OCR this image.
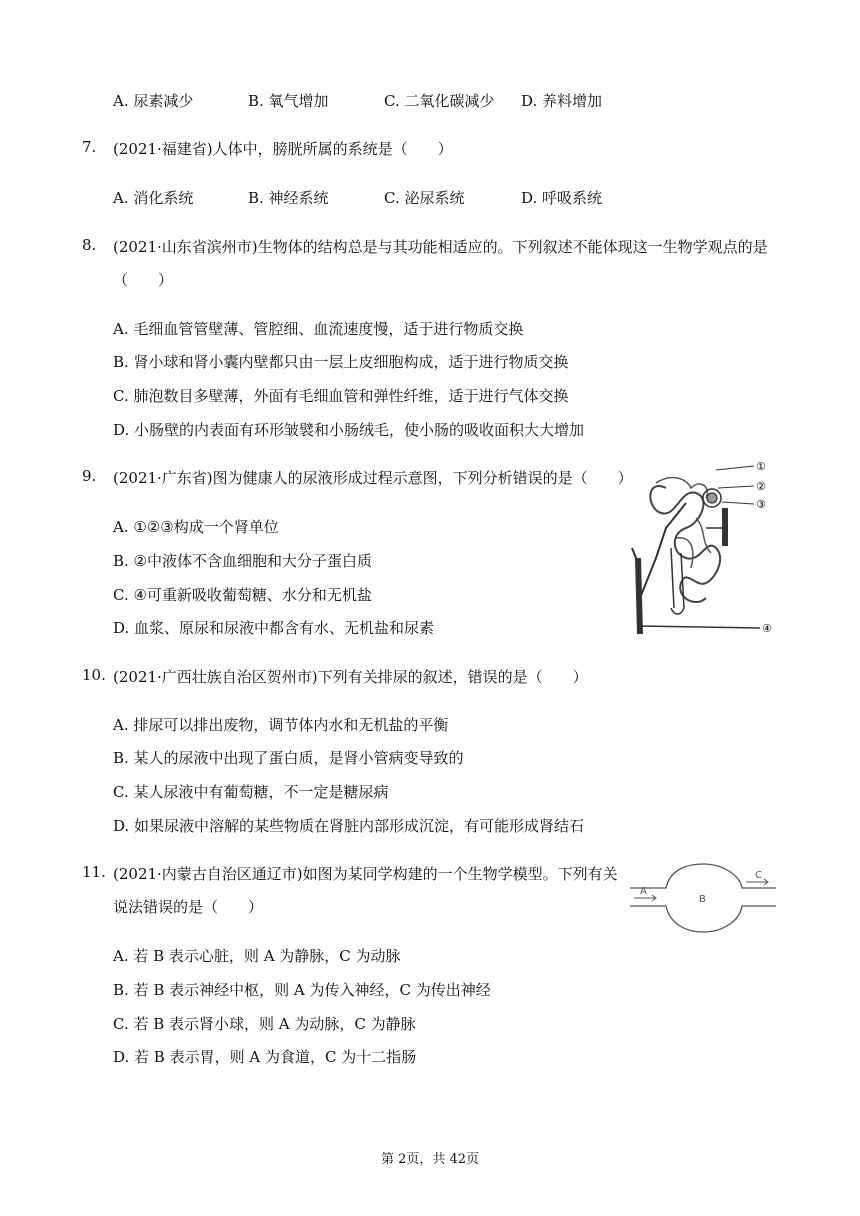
A. 尿素减少	B. 氧气增加	C. 二氧化碳减少 D. 养料增加
7. (2021·福建省)人体中，膀胱所属的系统是（　　）
A. 消化系统	B. 神经系统	C. 泌尿系统	D. 呼吸系统
8. (2021·山东省滨州市)生物体的结构总是与其功能相适应的。下列叙述不能体现这一生物学观点的是
（　　）
A. 毛细血管管壁薄、管腔细、血流速度慢，适于进行物质交换
B. 肾小球和肾小囊内壁都只由一层上皮细胞构成，适于进行物质交换
C. 肺泡数目多壁薄，外面有毛细血管和弹性纤维，适于进行气体交换
D. 小肠壁的内表面有环形皱襞和小肠绒毛，使小肠的吸收面积大大增加
9. (2021·广东省)图为健康人的尿液形成过程示意图，下列分析错误的是（　　）
A. ①②③构成一个肾单位
B. ②中液体不含血细胞和大分子蛋白质
C. ④可重新吸收葡萄糖、水分和无机盐
D. 血浆、原尿和尿液中都含有水、无机盐和尿素
①
②
③
④
10. (2021·广西壮族自治区贺州市)下列有关排尿的叙述，错误的是（　　）
A. 排尿可以排出废物，调节体内水和无机盐的平衡
B. 某人的尿液中出现了蛋白质，是肾小管病变导致的
C. 某人尿液中有葡萄糖，不一定是糖尿病
D. 如果尿液中溶解的某些物质在肾脏内部形成沉淀，有可能形成肾结石
11. (2021·内蒙古自治区通辽市)如图为某同学构建的一个生物学模型。下列有关
说法错误的是（　　）
A. 若 B 表示心脏，则 A 为静脉，C 为动脉
B. 若 B 表示神经中枢，则 A 为传入神经，C 为传出神经
C. 若 B 表示肾小球，则 A 为动脉，C 为静脉
D. 若 B 表示胃，则 A 为食道，C 为十二指肠
A
B
C
第 2页，共 42页
